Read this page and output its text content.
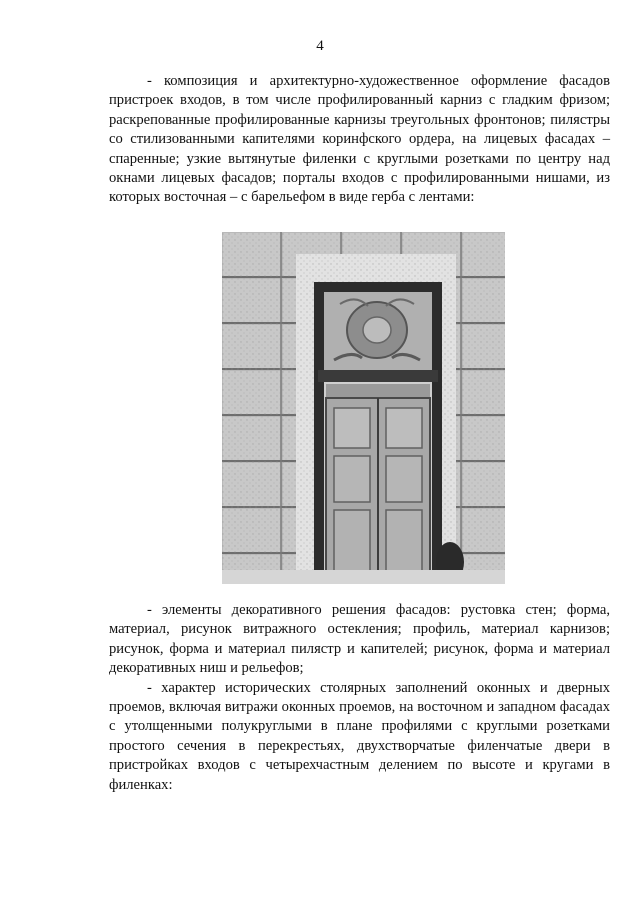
4

- композиция и архитектурно-художественное оформление фасадов пристроек входов, в том числе профилированный карниз с гладким фризом; раскрепованные профилированные карнизы треугольных фронтонов; пилястры со стилизованными капителями коринфского ордера, на лицевых фасадах – спаренные; узкие вытянутые филенки с круглыми розетками по центру над окнами лицевых фасадов; порталы входов с профилированными нишами, из которых восточная – с барельефом в виде герба с лентами:

- элементы декоративного решения фасадов: рустовка стен; форма, материал, рисунок витражного остекления; профиль, материал карнизов; рисунок, форма и материал пилястр и капителей; рисунок, форма и материал декоративных ниш и рельефов;

- характер исторических столярных заполнений оконных и дверных проемов, включая витражи оконных проемов, на восточном и западном фасадах с утолщенными полукруглыми в плане профилями с круглыми розетками простого сечения в перекрестьях, двухстворчатые филенчатые двери в пристройках входов с четырехчастным делением по высоте и кругами в филенках:
